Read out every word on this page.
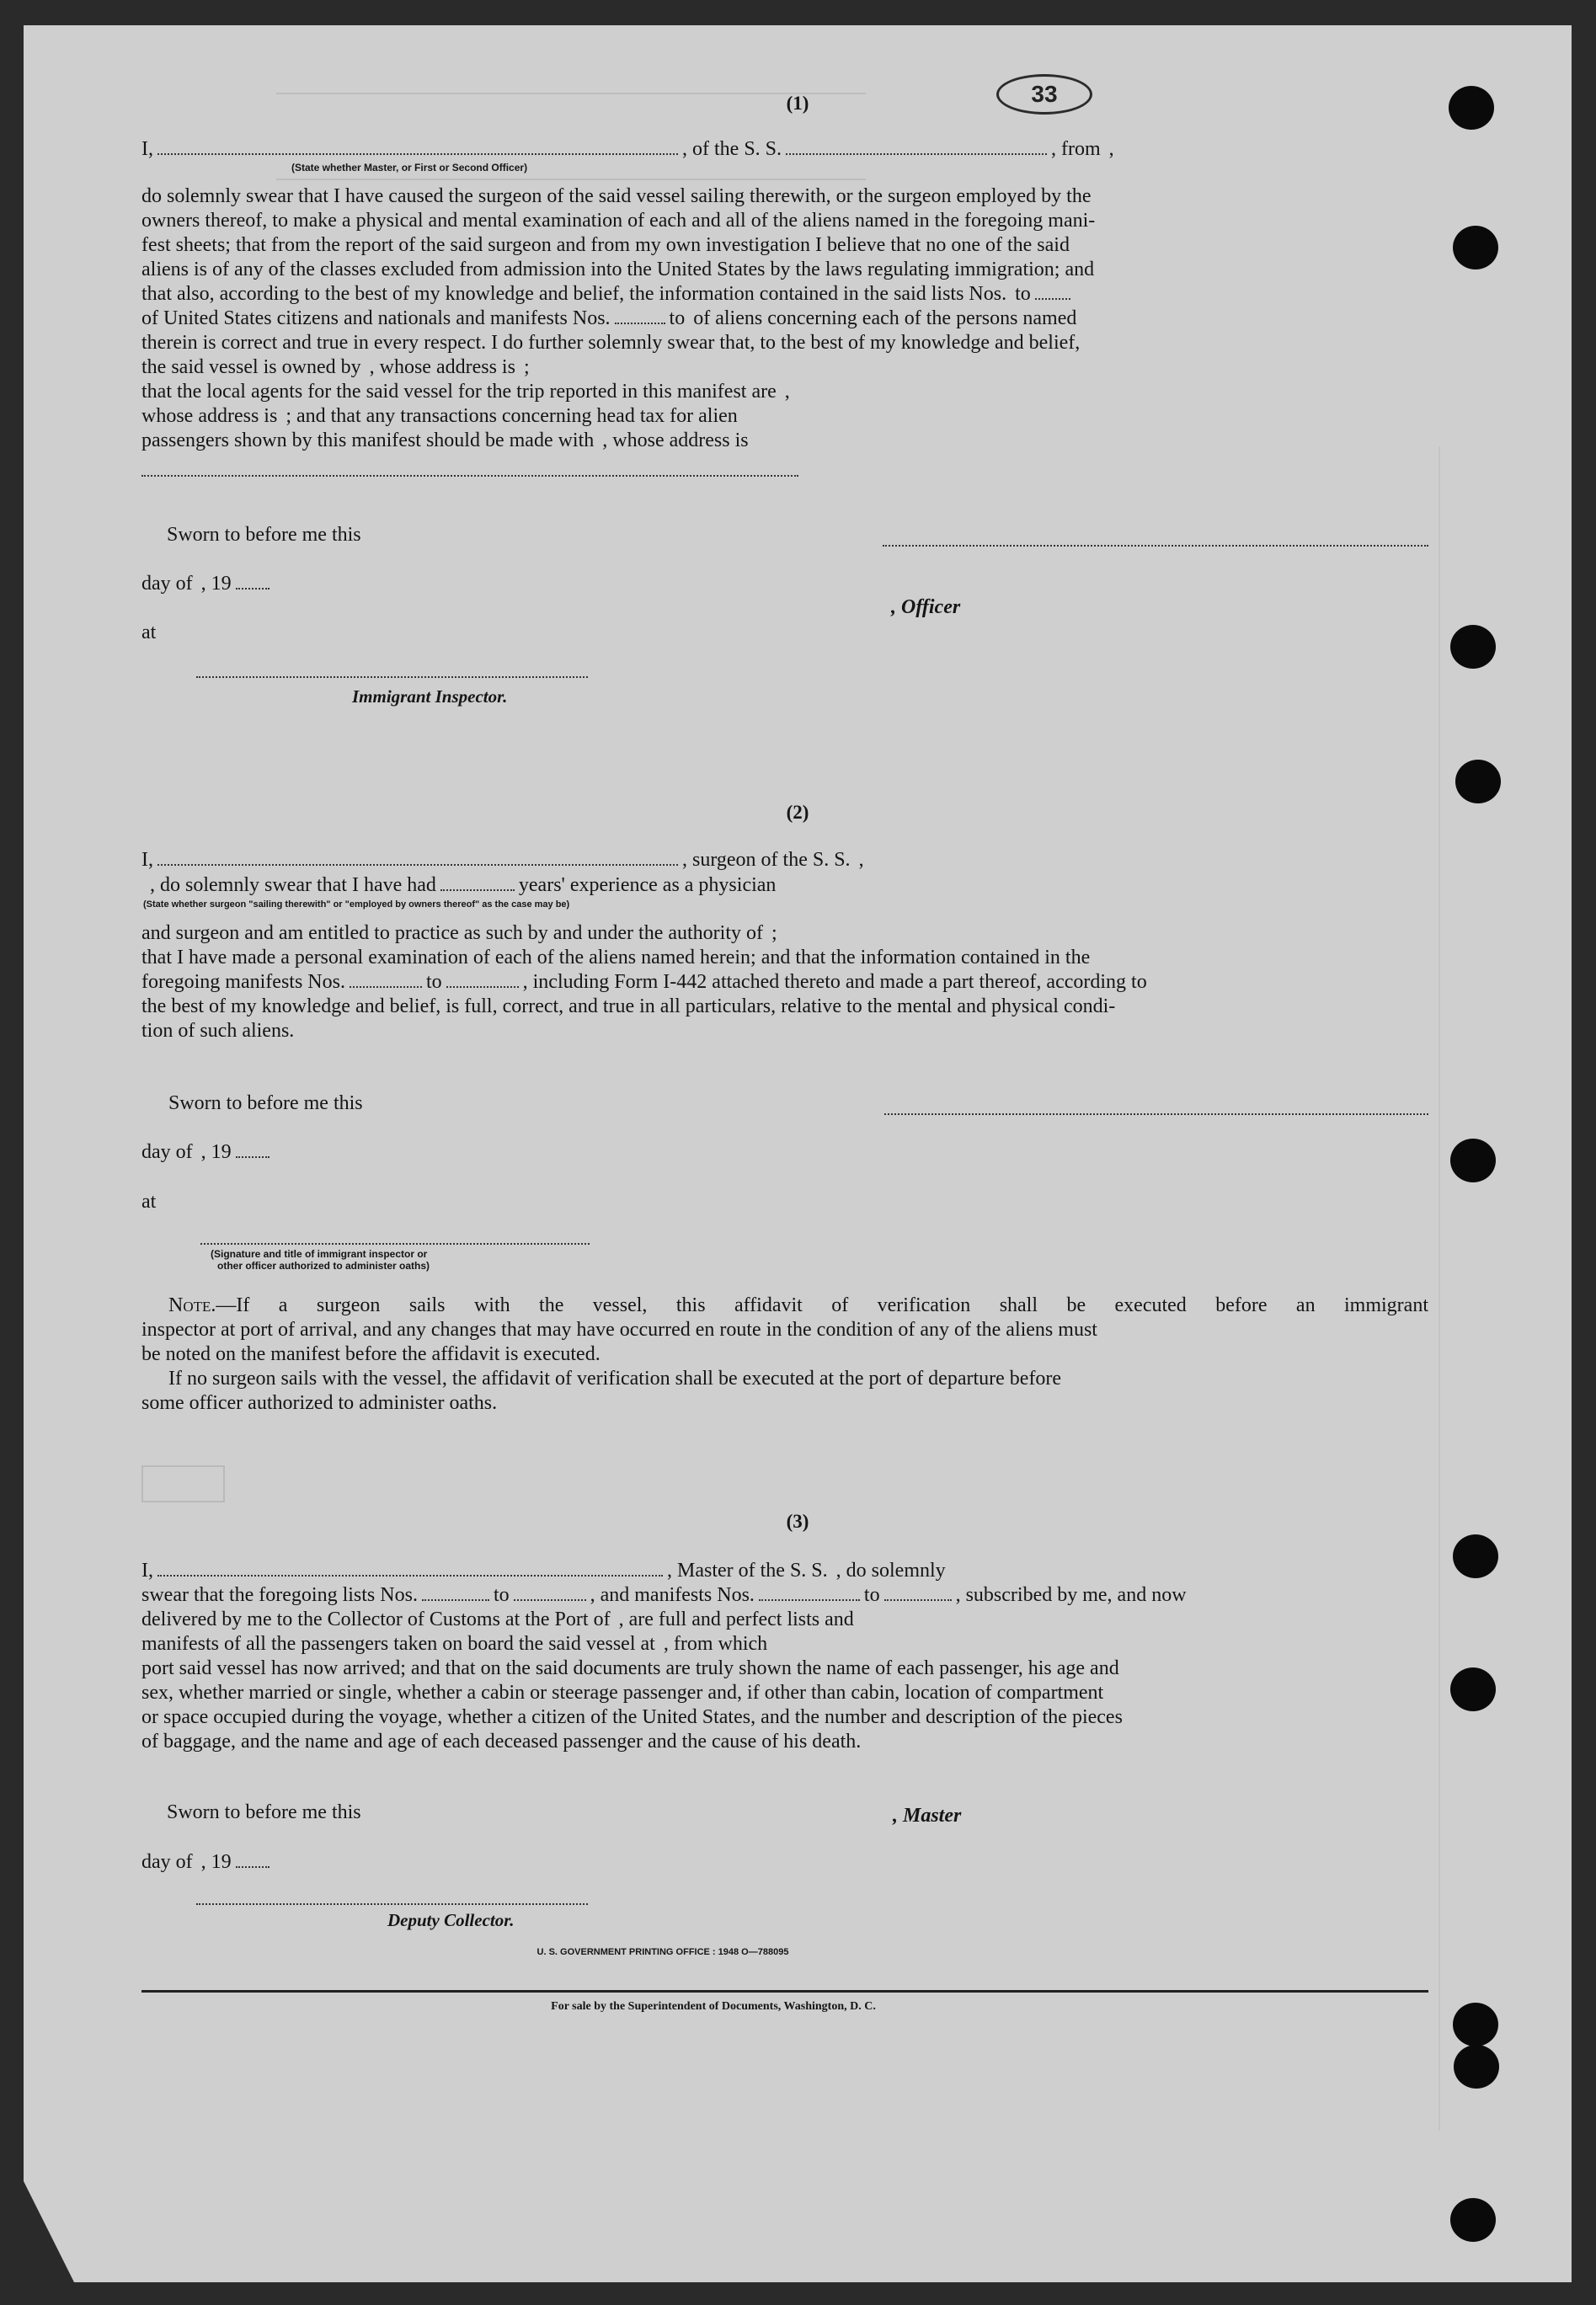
33
(1)
I,	, of the S. S.	, from ,
(State whether Master, or First or Second Officer)
do solemnly swear that I have caused the surgeon of the said vessel sailing therewith, or the surgeon employed by the
owners thereof, to make a physical and mental examination of each and all of the aliens named in the foregoing mani-
fest sheets; that from the report of the said surgeon and from my own investigation I believe that no one of the said
aliens is of any of the classes excluded from admission into the United States by the laws regulating immigration; and
that also, according to the best of my knowledge and belief, the information contained in the said lists Nos. to
of United States citizens and nationals and manifests Nos.	to of aliens concerning each of the persons named
therein is correct and true in every respect. I do further solemnly swear that, to the best of my knowledge and belief,
the said vessel is owned by , whose address is ;
that the local agents for the said vessel for the trip reported in this manifest are ,
whose address is ; and that any transactions concerning head tax for alien
passengers shown by this manifest should be made with , whose address is
Sworn to before me this
day of , 19
, Officer
at
Immigrant Inspector.
(2)
I,	, surgeon of the S. S. ,
, do solemnly swear that I have had	years' experience as a physician
(State whether surgeon "sailing therewith" or "employed by owners thereof" as the case may be)
and surgeon and am entitled to practice as such by and under the authority of ;
that I have made a personal examination of each of the aliens named herein; and that the information contained in the
foregoing manifests Nos.	to	, including Form I-442 attached thereto and made a part thereof, according to
the best of my knowledge and belief, is full, correct, and true in all particulars, relative to the mental and physical condi-
tion of such aliens.
Sworn to before me this
day of , 19
at
(Signature and title of immigrant inspector or
other officer authorized to administer oaths)
Note. —If a surgeon sails with the vessel, this affidavit of verification shall be executed before an immigrant
inspector at port of arrival, and any changes that may have occurred en route in the condition of any of the aliens must
be noted on the manifest before the affidavit is executed.
If no surgeon sails with the vessel, the affidavit of verification shall be executed at the port of departure before
some officer authorized to administer oaths.
(3)
I,	, Master of the S. S. , do solemnly
swear that the foregoing lists Nos.	to	, and manifests Nos.	to	, subscribed by me, and now
delivered by me to the Collector of Customs at the Port of , are full and perfect lists and
manifests of all the passengers taken on board the said vessel at , from which
port said vessel has now arrived; and that on the said documents are truly shown the name of each passenger, his age and
sex, whether married or single, whether a cabin or steerage passenger and, if other than cabin, location of compartment
or space occupied during the voyage, whether a citizen of the United States, and the number and description of the pieces
of baggage, and the name and age of each deceased passenger and the cause of his death.
Sworn to before me this	, Master
day of , 19
Deputy Collector.
U. S. GOVERNMENT PRINTING OFFICE : 1948 O—788095
For sale by the Superintendent of Documents, Washington, D. C.
